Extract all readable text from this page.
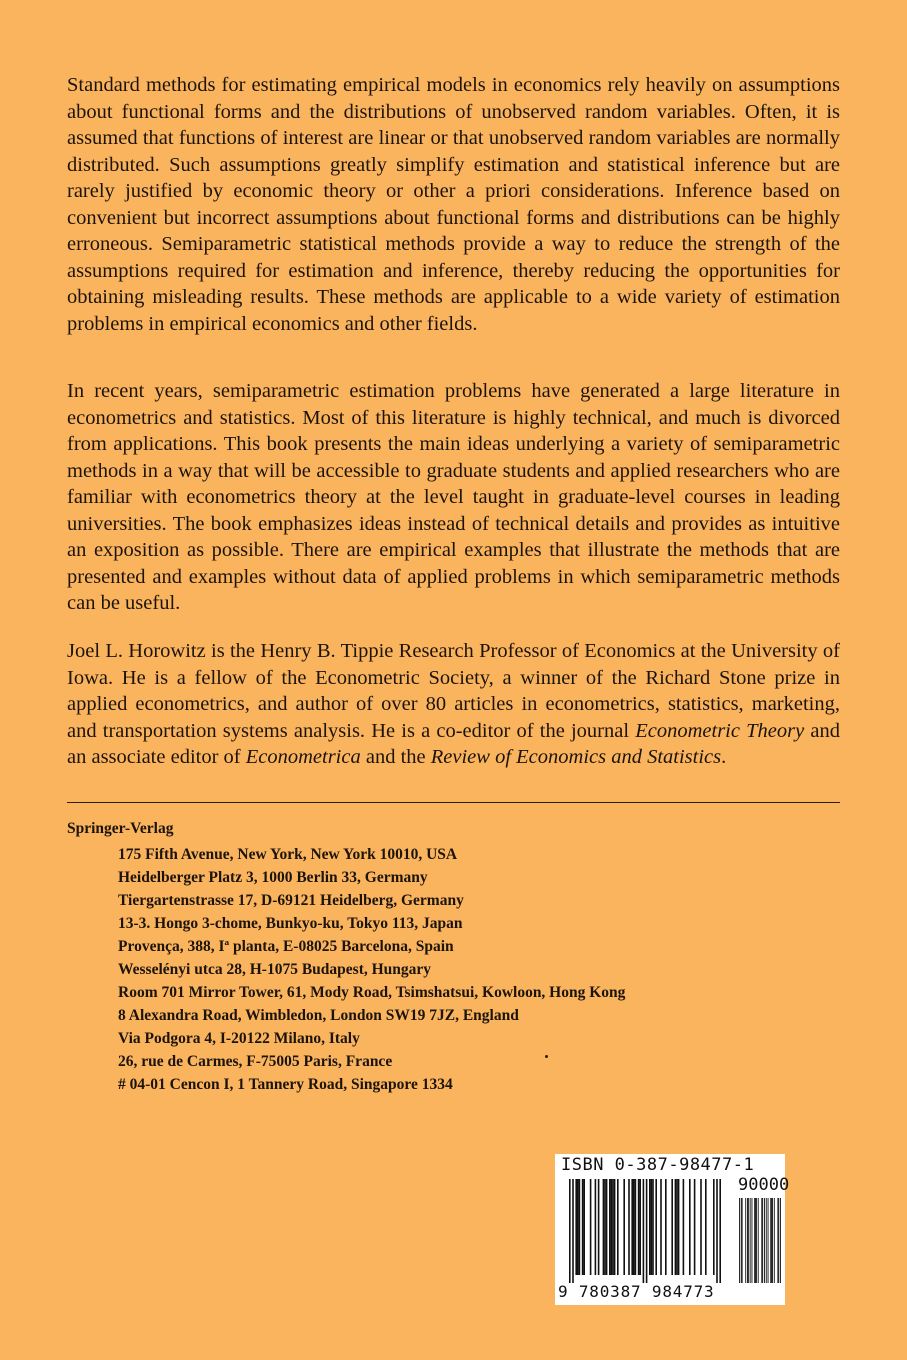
Standard methods for estimating empirical models in economics rely heavily on assumptions about functional forms and the distributions of unobserved random variables. Often, it is assumed that functions of interest are linear or that unobserved random variables are normally distributed. Such assumptions greatly simplify estimation and statistical inference but are rarely justified by economic theory or other a priori considerations. Inference based on convenient but incorrect assumptions about functional forms and distributions can be highly erroneous. Semiparametric statistical methods provide a way to reduce the strength of the assumptions required for estimation and inference, thereby reducing the opportunities for obtaining misleading results. These methods are applicable to a wide variety of estimation problems in empirical economics and other fields.

In recent years, semiparametric estimation problems have generated a large literature in econometrics and statistics. Most of this literature is highly technical, and much is divorced from applications. This book presents the main ideas underlying a variety of semiparametric methods in a way that will be accessible to graduate students and applied researchers who are familiar with econometrics theory at the level taught in graduate-level courses in leading universities. The book emphasizes ideas instead of technical details and provides as intuitive an exposition as possible. There are empirical examples that illustrate the methods that are presented and examples without data of applied problems in which semiparametric methods can be useful.

Joel L. Horowitz is the Henry B. Tippie Research Professor of Economics at the University of Iowa. He is a fellow of the Econometric Society, a winner of the Richard Stone prize in applied econometrics, and author of over 80 articles in econometrics, statistics, marketing, and transportation systems analysis. He is a co-editor of the journal Econometric Theory and an associate editor of Econometrica and the Review of Economics and Statistics.

Springer-Verlag

175 Fifth Avenue, New York, New York 10010, USA
Heidelberger Platz 3, 1000 Berlin 33, Germany
Tiergartenstrasse 17, D-69121 Heidelberg, Germany
13-3. Hongo 3-chome, Bunkyo-ku, Tokyo 113, Japan
Provença, 388, Iª planta, E-08025 Barcelona, Spain
Wesselényi utca 28, H-1075 Budapest, Hungary
Room 701 Mirror Tower, 61, Mody Road, Tsimshatsui, Kowloon, Hong Kong
8 Alexandra Road, Wimbledon, London SW19 7JZ, England
Via Podgora 4, I-20122 Milano, Italy
26, rue de Carmes, F-75005 Paris, France
# 04-01 Cencon I, 1 Tannery Road, Singapore 1334
ISBN 0-387-98477-1
90000
9 780387 984773
